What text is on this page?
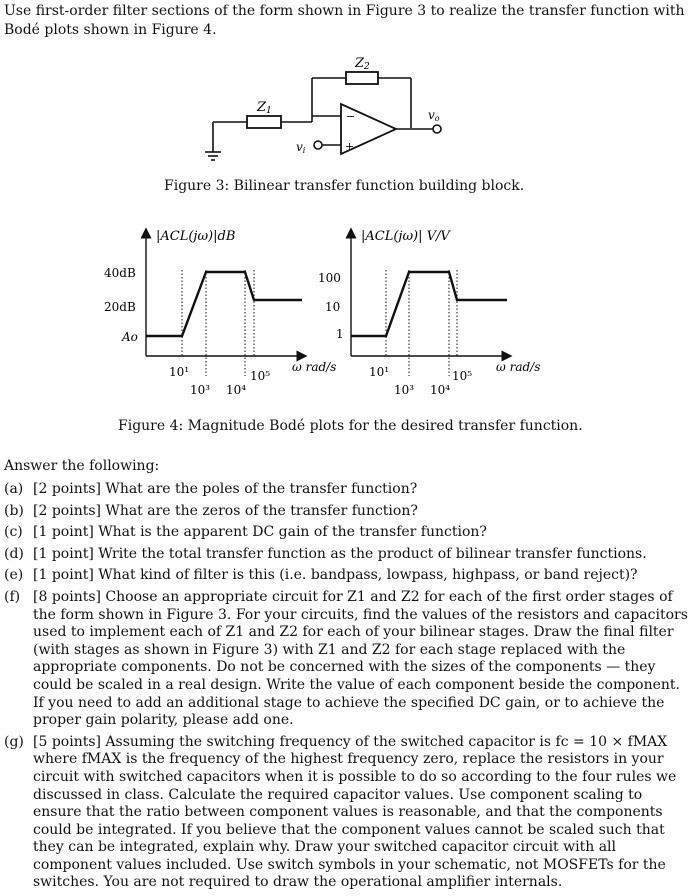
Use first-order filter sections of the form shown in Figure 3 to realize the transfer function with Bodé plots shown in Figure 4.
Z1
Z2
vi
vo
−
+
Figure 3: Bilinear transfer function building block.
|ACL(jω)|dB
40dB
20dB
Ao
10¹
10³ 10⁴
10⁵
ω rad/s
|ACL(jω)| V/V
100
10
1
10¹
10³ 10⁴
10⁵
ω rad/s
Figure 4: Magnitude Bodé plots for the desired transfer function.
Answer the following:
(a) [2 points] What are the poles of the transfer function?
(b) [2 points] What are the zeros of the transfer function?
(c) [1 point] What is the apparent DC gain of the transfer function?
(d) [1 point] Write the total transfer function as the product of bilinear transfer functions.
(e) [1 point] What kind of filter is this (i.e. bandpass, lowpass, highpass, or band reject)?
(f) [8 points] Choose an appropriate circuit for Z1 and Z2 for each of the first order stages of the form shown in Figure 3. For your circuits, find the values of the resistors and capacitors used to implement each of Z1 and Z2 for each of your bilinear stages. Draw the final filter (with stages as shown in Figure 3) with Z1 and Z2 for each stage replaced with the appropriate components. Do not be concerned with the sizes of the components — they could be scaled in a real design. Write the value of each component beside the component. If you need to add an additional stage to achieve the specified DC gain, or to achieve the proper gain polarity, please add one.
(g) [5 points] Assuming the switching frequency of the switched capacitor is fc = 10 × fMAX where fMAX is the frequency of the highest frequency zero, replace the resistors in your circuit with switched capacitors when it is possible to do so according to the four rules we discussed in class. Calculate the required capacitor values. Use component scaling to ensure that the ratio between component values is reasonable, and that the components could be integrated. If you believe that the component values cannot be scaled such that they can be integrated, explain why. Draw your switched capacitor circuit with all component values included. Use switch symbols in your schematic, not MOSFETs for the switches. You are not required to draw the operational amplifier internals.
